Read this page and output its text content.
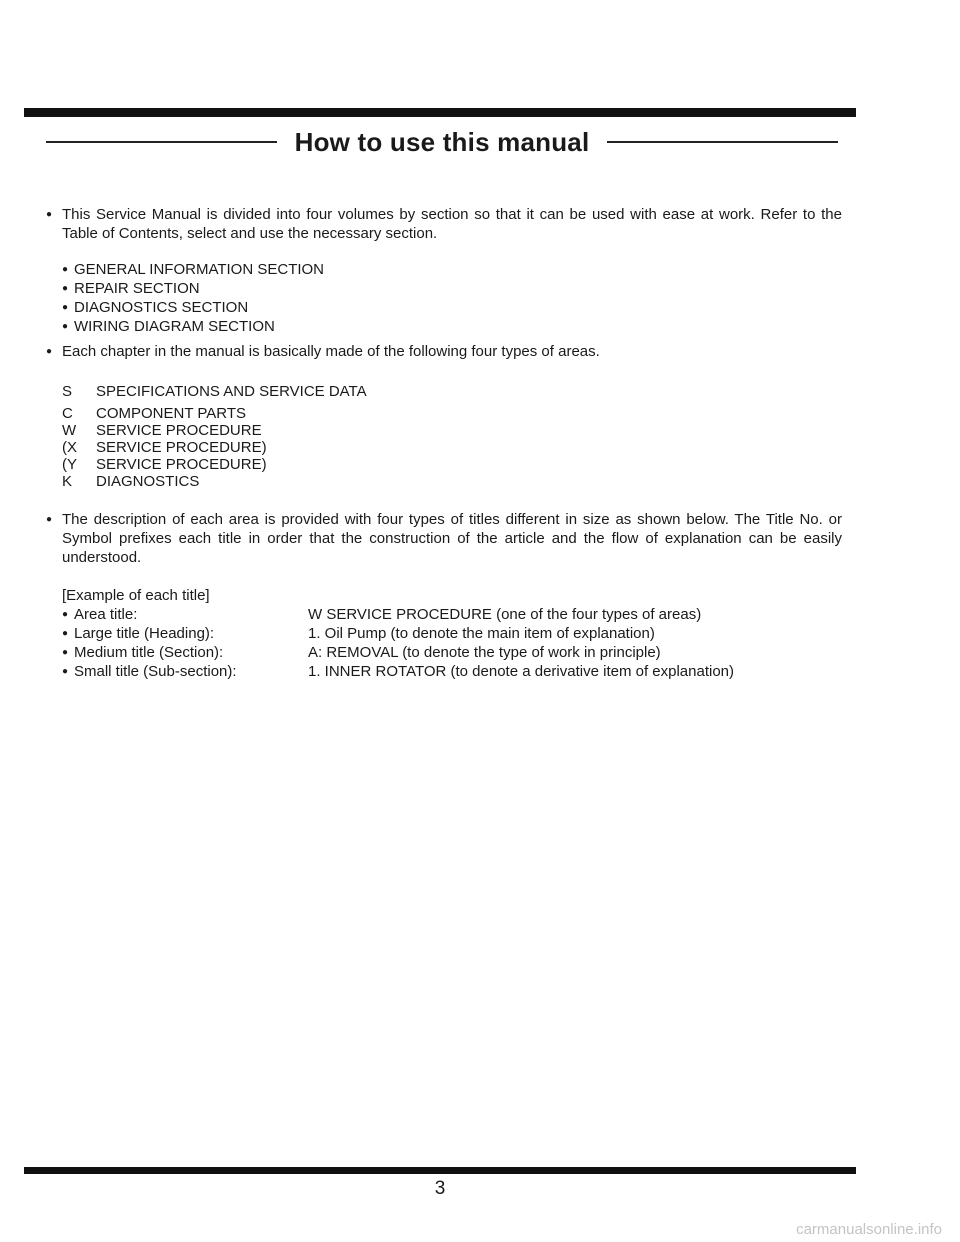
How to use this manual
● This Service Manual is divided into four volumes by section so that it can be used with ease at work. Refer to the Table of Contents, select and use the necessary section.
● GENERAL INFORMATION SECTION
● REPAIR SECTION
● DIAGNOSTICS SECTION
● WIRING DIAGRAM SECTION
● Each chapter in the manual is basically made of the following four types of areas.
S	SPECIFICATIONS AND SERVICE DATA
C	COMPONENT PARTS
W	SERVICE PROCEDURE
(X	SERVICE PROCEDURE)
(Y	SERVICE PROCEDURE)
K	DIAGNOSTICS
● The description of each area is provided with four types of titles different in size as shown below. The Title No. or Symbol prefixes each title in order that the construction of the article and the flow of explanation can be easily understood.
[Example of each title]
● Area title:	W SERVICE PROCEDURE (one of the four types of areas)
● Large title (Heading):	1. Oil Pump (to denote the main item of explanation)
● Medium title (Section):	A: REMOVAL (to denote the type of work in principle)
● Small title (Sub-section):	1. INNER ROTATOR (to denote a derivative item of explanation)
3
carmanualsonline.info
